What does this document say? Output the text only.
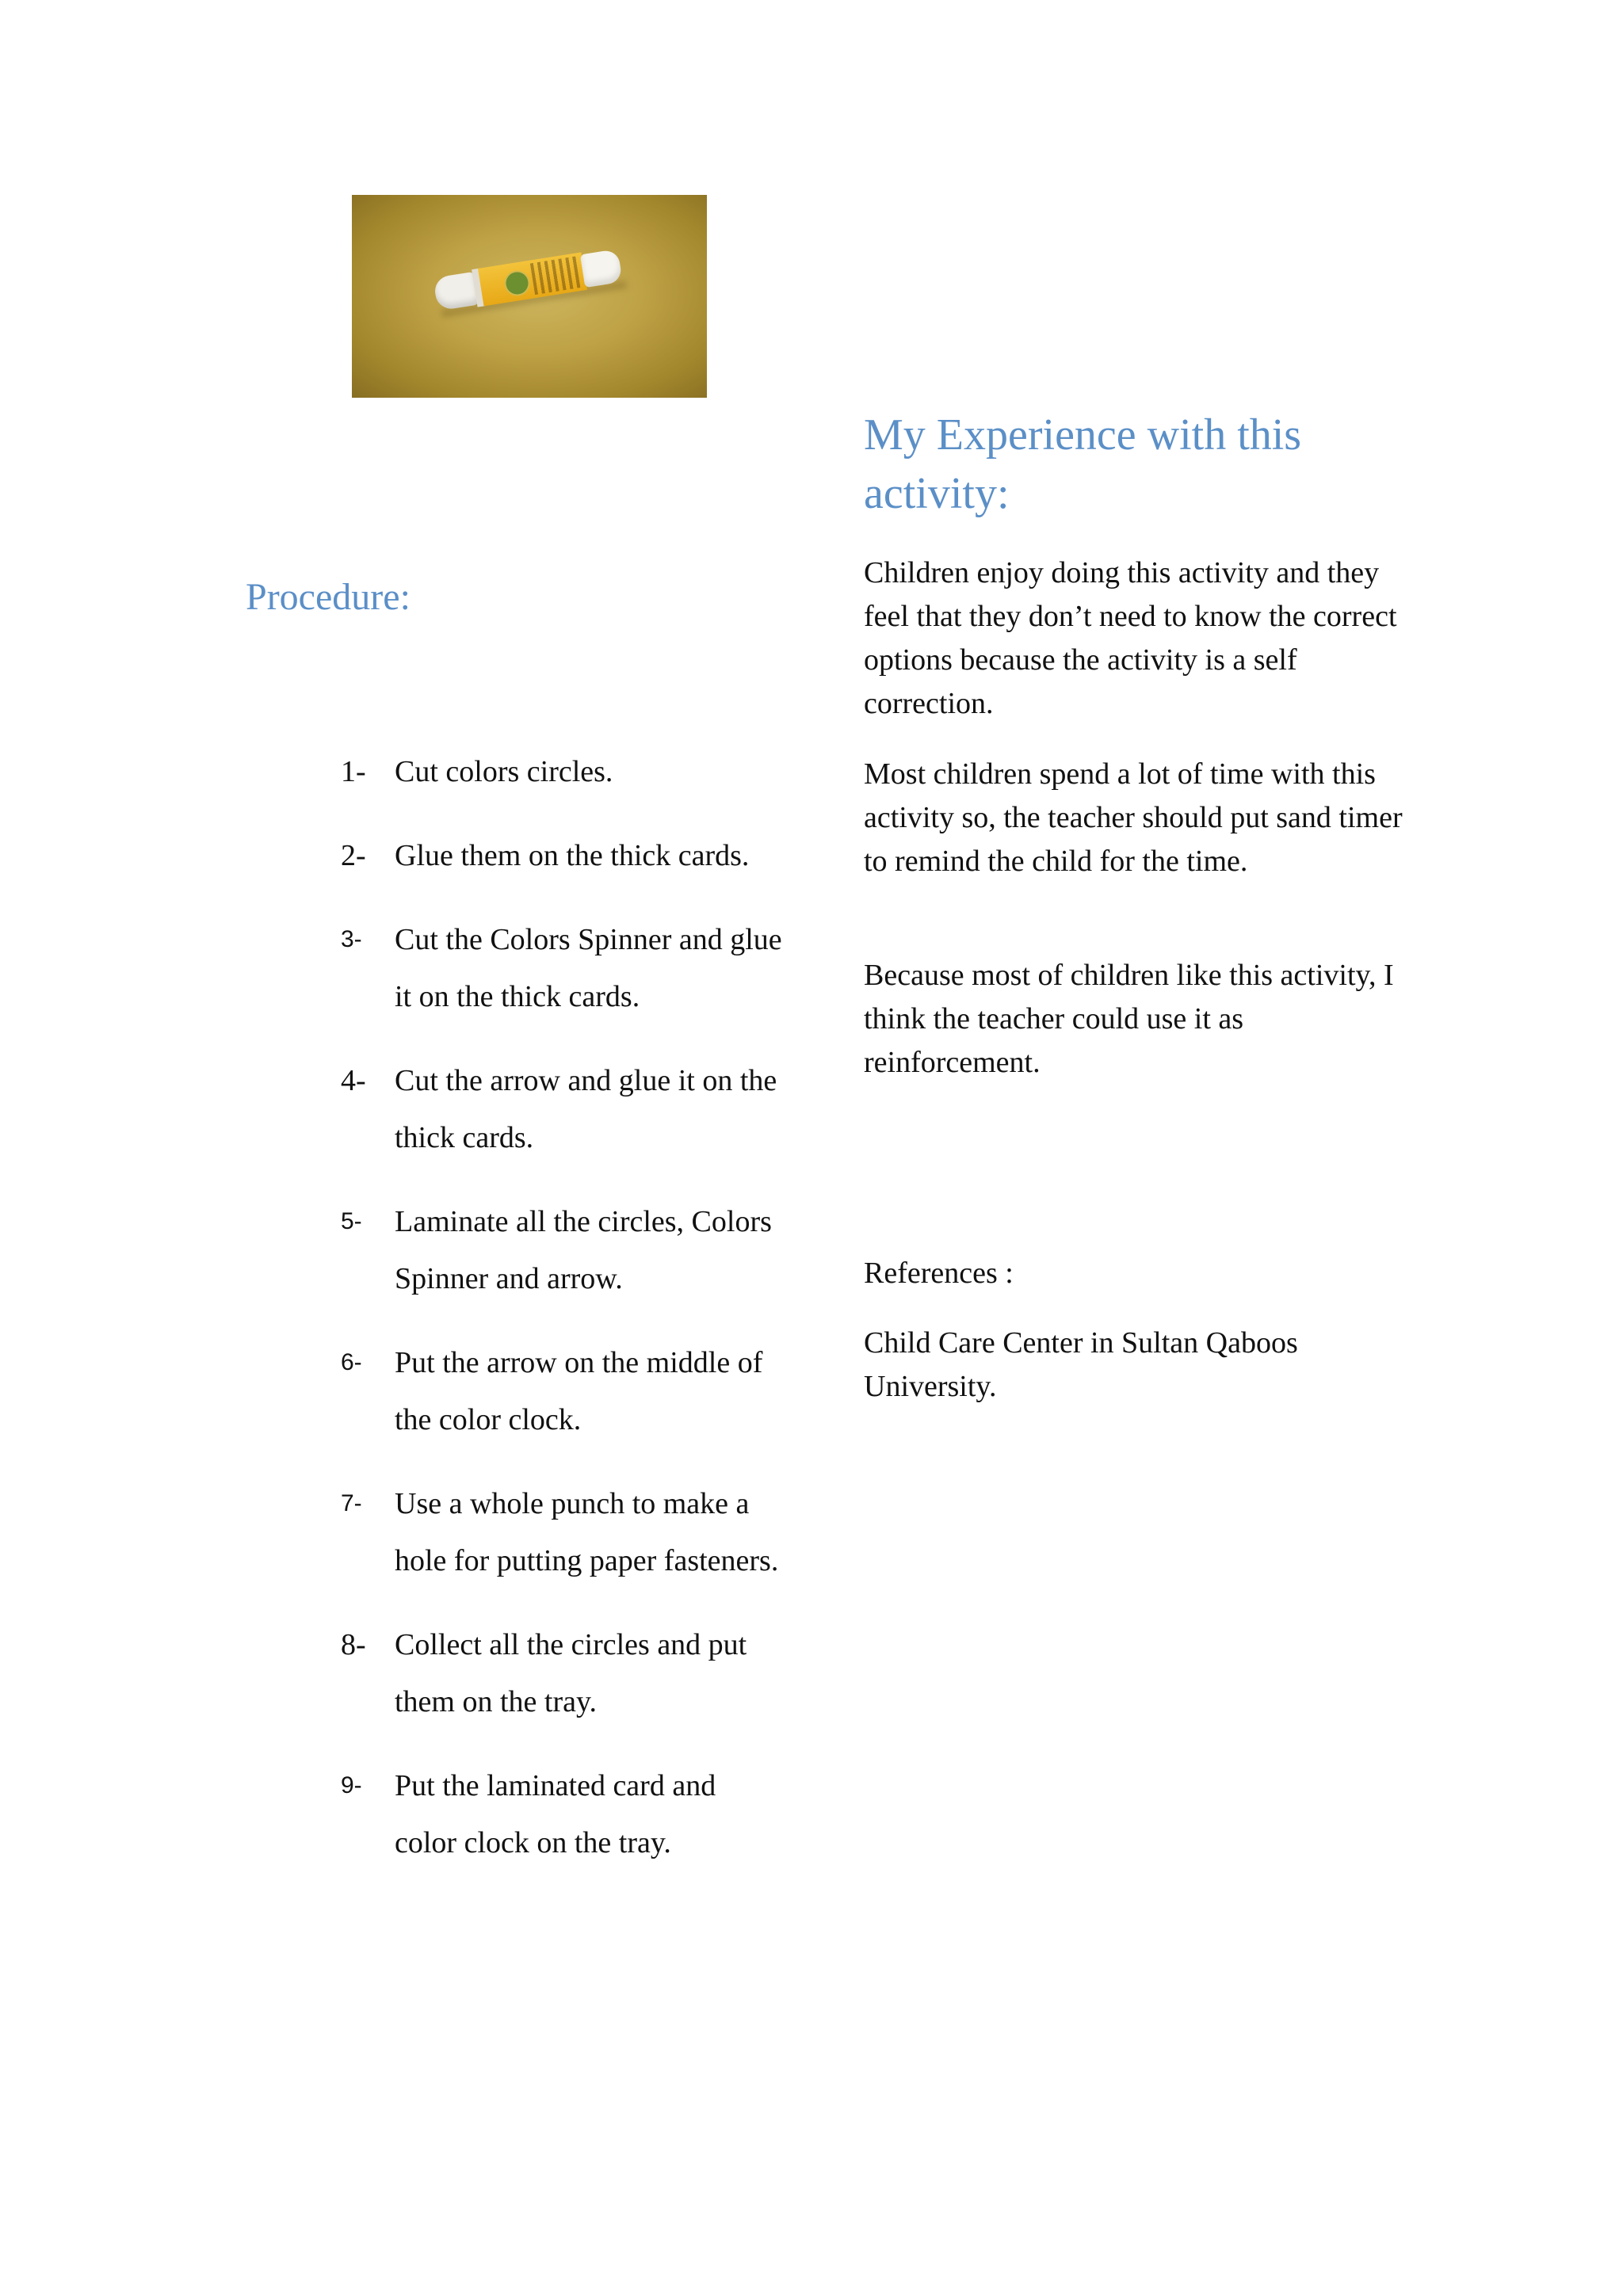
My Experience with this activity:
Procedure:
1- Cut colors circles.
2- Glue them on the thick cards.
3-	Cut the Colors Spinner and glue it on the thick cards.
4- Cut the arrow and glue it on the thick cards.
5-	Laminate all the circles, Colors Spinner and arrow.
6-	Put the arrow on the middle of the color clock.
7-	Use a whole punch to make a hole for putting paper fasteners.
8- Collect all the circles and put them on the tray.
9-	Put the laminated card and color clock on the tray.

Children enjoy doing this activity and they feel that they don’t need to know the correct options because the activity is a self correction.

Most children spend a lot of time with this activity so, the teacher should put sand timer to remind the child for the time.

Because most of children like this activity, I think the teacher could use it as reinforcement.

References :

Child Care Center in Sultan Qaboos University.
